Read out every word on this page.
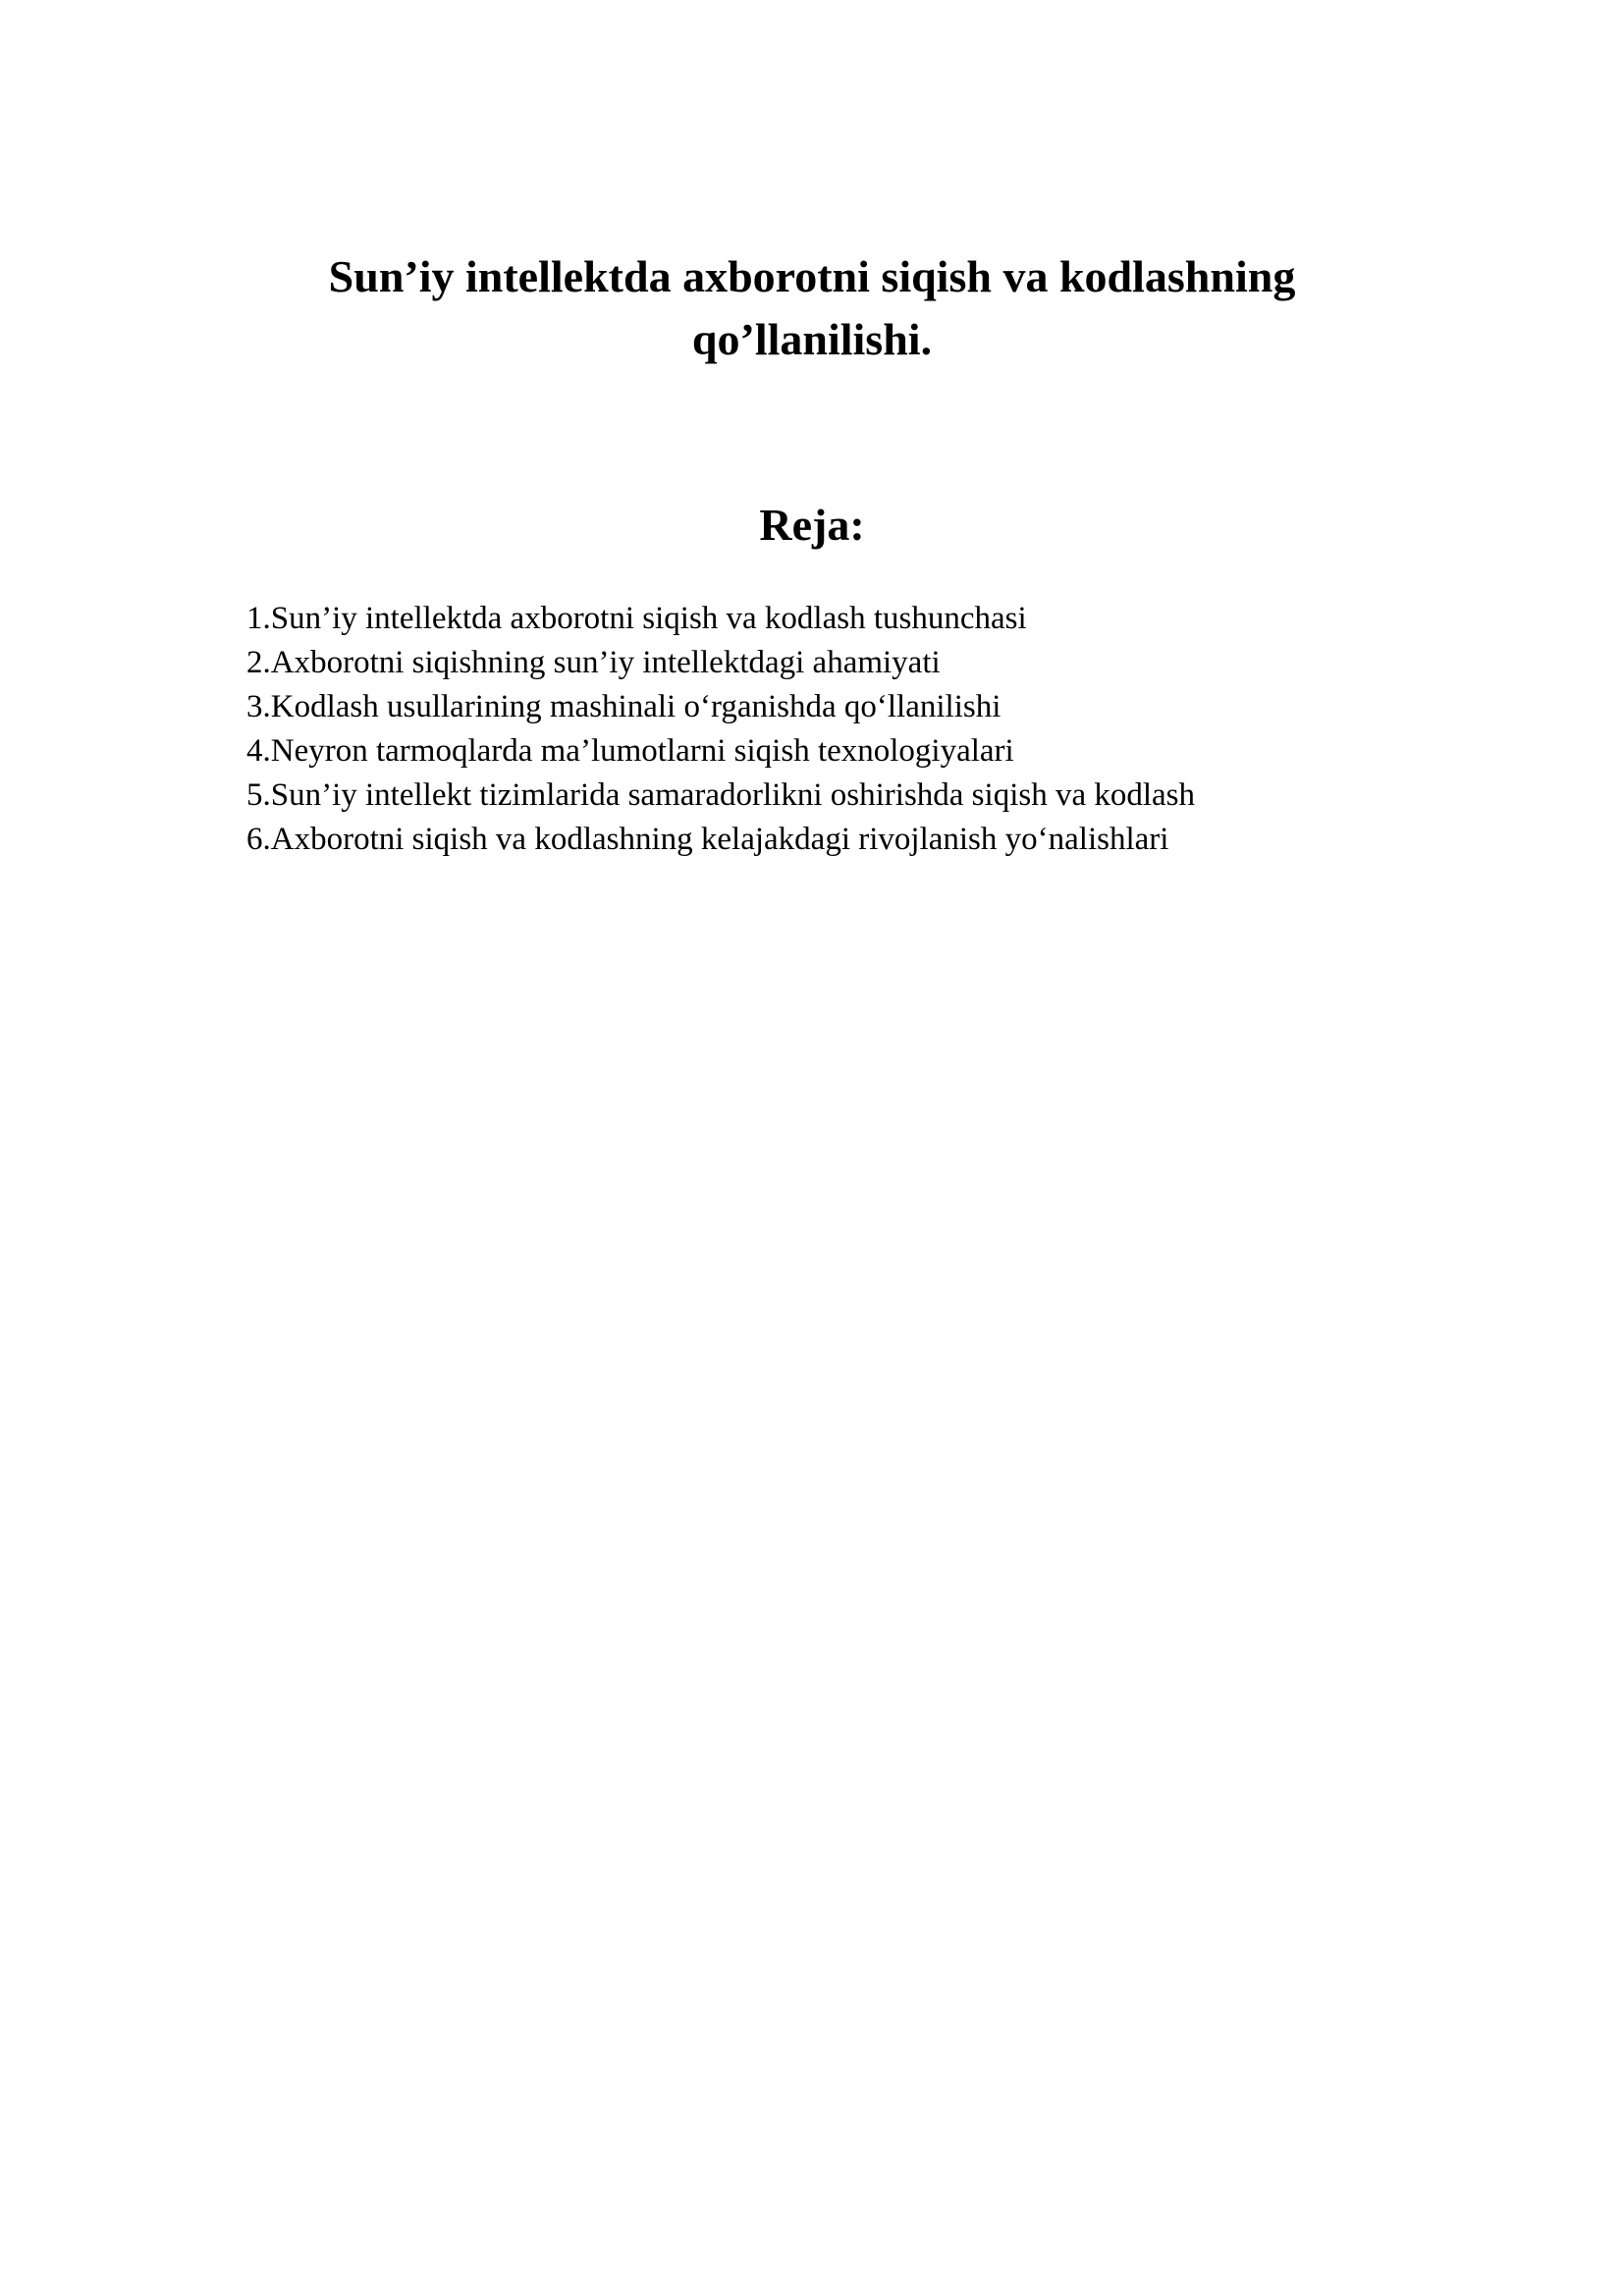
Sun’iy intellektda axborotni siqish va kodlashning
qo’llanilishi.
Reja:
1.Sun’iy intellektda axborotni siqish va kodlash tushunchasi
2.Axborotni siqishning sun’iy intellektdagi ahamiyati
3.Kodlash usullarining mashinali o‘rganishda qo‘llanilishi
4.Neyron tarmoqlarda ma’lumotlarni siqish texnologiyalari
5.Sun’iy intellekt tizimlarida samaradorlikni oshirishda siqish va kodlash
6.Axborotni siqish va kodlashning kelajakdagi rivojlanish yo‘nalishlari
